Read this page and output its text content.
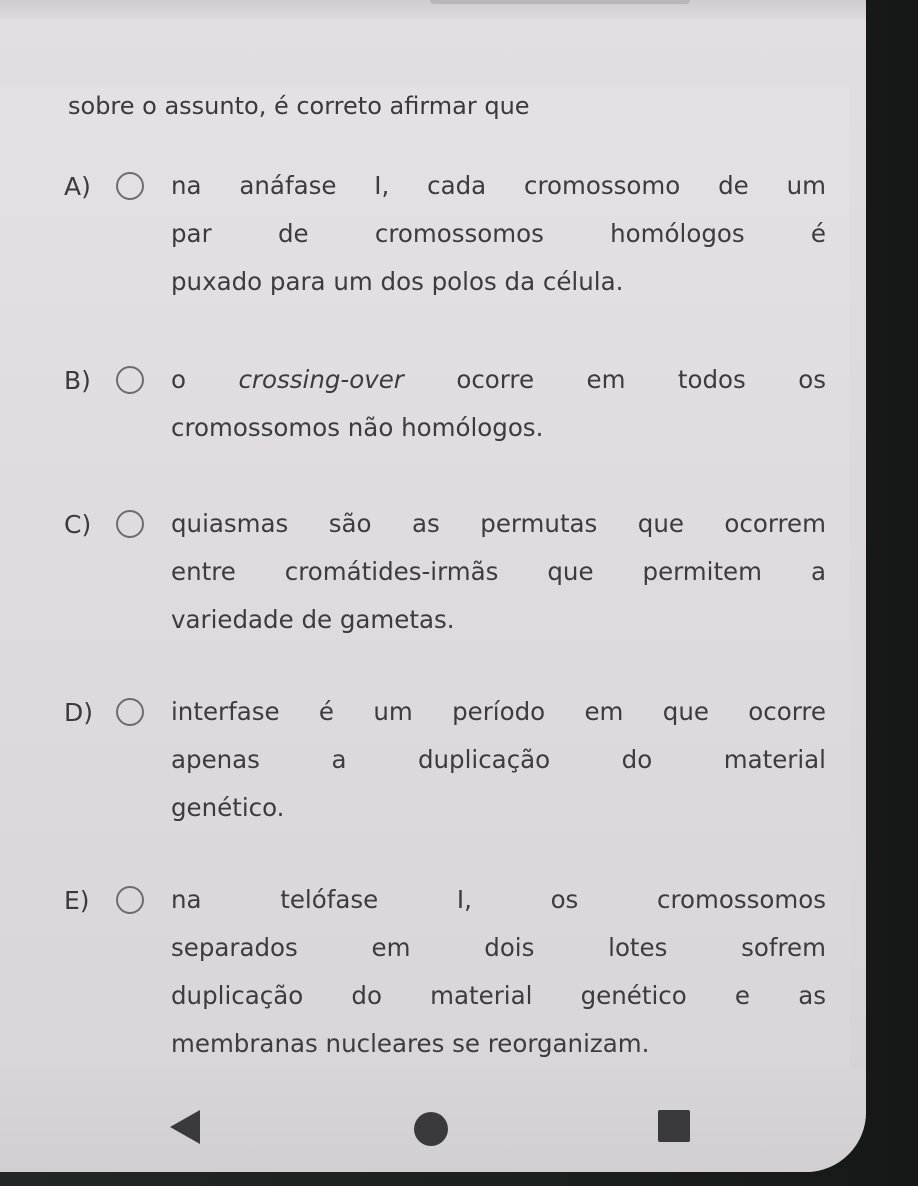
sobre o assunto, é correto afirmar que
A)	na anáfase I, cada cromossomo de um
par de cromossomos homólogos é
puxado para um dos polos da célula.
B)	o crossing-over ocorre em todos os
cromossomos não homólogos.
C)	quiasmas são as permutas que ocorrem
entre cromátides-irmãs que permitem a
variedade de gametas.
D)	interfase é um período em que ocorre
apenas a duplicação do material
genético.
E)	na telófase I, os cromossomos
separados em dois lotes sofrem
duplicação do material genético e as
membranas nucleares se reorganizam.
